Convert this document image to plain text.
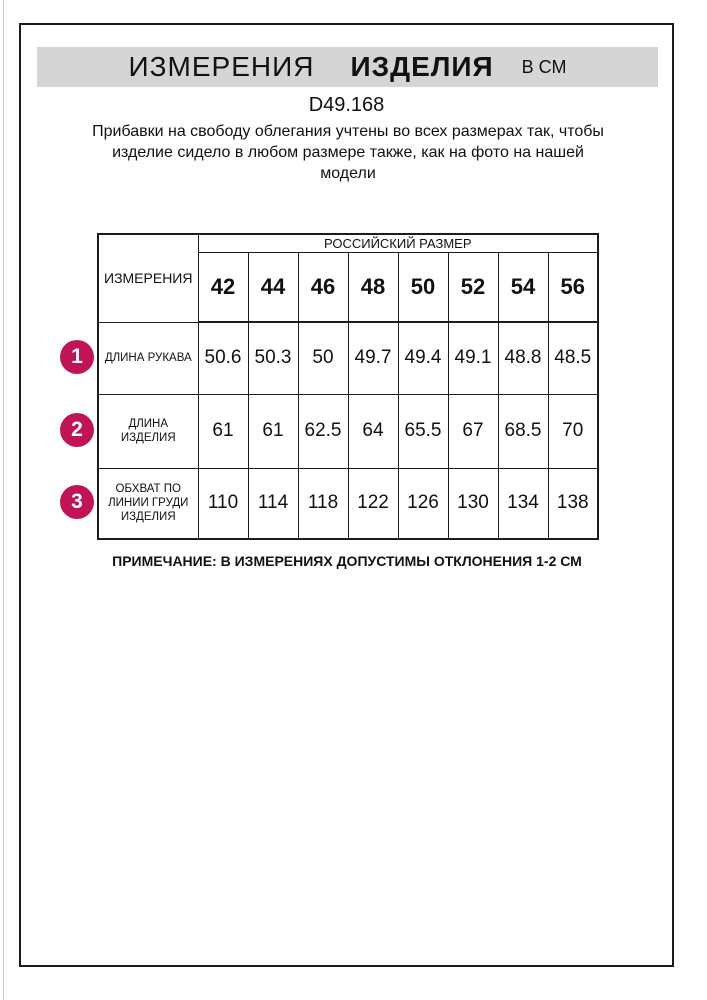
ИЗМЕРЕНИЯ ИЗДЕЛИЯ В СМ
D49.168
Прибавки на свободу облегания учтены во всех размерах так, чтобы изделие сидело в любом размере также, как на фото на нашей модели
ИЗМЕРЕНИЯ	РОССИЙСКИЙ РАЗМЕР							
	42	44	46	48	50	52	54	56
ДЛИНА РУКАВА	50.6	50.3	50	49.7	49.4	49.1	48.8	48.5
ДЛИНА ИЗДЕЛИЯ	61	61	62.5	64	65.5	67	68.5	70
ОБХВАТ ПО ЛИНИИ ГРУДИ ИЗДЕЛИЯ	110	114	118	122	126	130	134	138
1
2
3
ПРИМЕЧАНИЕ: В ИЗМЕРЕНИЯХ ДОПУСТИМЫ ОТКЛОНЕНИЯ 1-2 СМ
